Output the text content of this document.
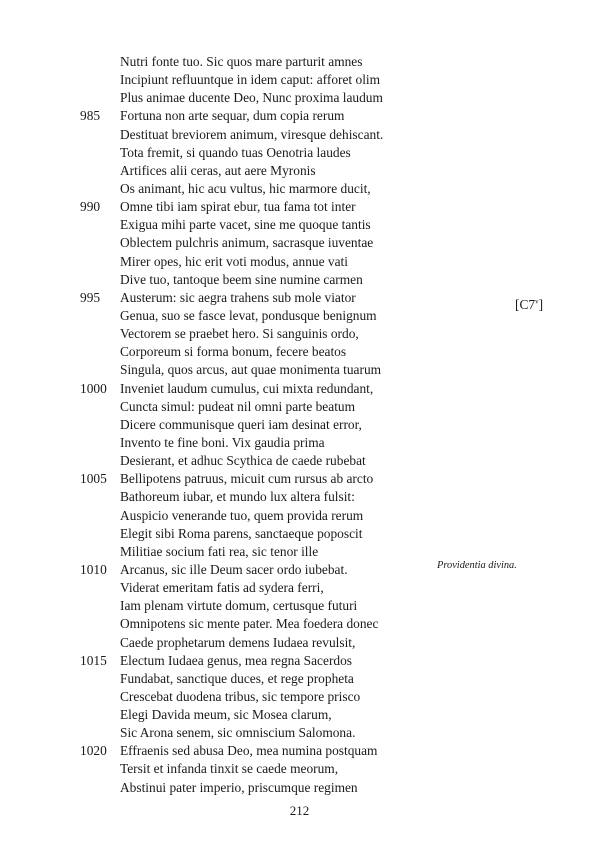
Nutri fonte tuo. Sic quos mare parturit amnes
Incipiunt refluuntque in idem caput: afforet olim
Plus animae ducente Deo, Nunc proxima laudum
985	Fortuna non arte sequar, dum copia rerum
Destituat breviorem animum, viresque dehiscant.
Tota fremit, si quando tuas Oenotria laudes
Artifices alii ceras, aut aere Myronis
Os animant, hic acu vultus, hic marmore ducit,
990	Omne tibi iam spirat ebur, tua fama tot inter
Exigua mihi parte vacet, sine me quoque tantis
Oblectem pulchris animum, sacrasque iuventae
Mirer opes, hic erit voti modus, annue vati
Dive tuo, tantoque beem sine numine carmen
995	Austerum: sic aegra trahens sub mole viator
Genua, suo se fasce levat, pondusque benignum
Vectorem se praebet hero. Si sanguinis ordo,
Corporeum si forma bonum, fecere beatos
Singula, quos arcus, aut quae monimenta tuarum
1000 Inveniet laudum cumulus, cui mixta redundant,
Cuncta simul: pudeat nil omni parte beatum
Dicere communisque queri iam desinat error,
Invento te fine boni. Vix gaudia prima
Desierant, et adhuc Scythica de caede rubebat
1005 Bellipotens patruus, micuit cum rursus ab arcto
Bathoreum iubar, et mundo lux altera fulsit:
Auspicio venerande tuo, quem provida rerum
Elegit sibi Roma parens, sanctaeque poposcit
Militiae socium fati rea, sic tenor ille
1010 Arcanus, sic ille Deum sacer ordo iubebat.
Viderat emeritam fatis ad sydera ferri,
Iam plenam virtute domum, certusque futuri
Omnipotens sic mente pater. Mea foedera donec
Caede prophetarum demens Iudaea revulsit,
1015 Electum Iudaea genus, mea regna Sacerdos
Fundabat, sanctique duces, et rege propheta
Crescebat duodena tribus, sic tempore prisco
Elegi Davida meum, sic Mosea clarum,
Sic Arona senem, sic omniscium Salomona.
1020 Effraenis sed abusa Deo, mea numina postquam
Tersit et infanda tinxit se caede meorum,
Abstinui pater imperio, priscumque regimen
[C7$^v$]
Providentia divina.
212
